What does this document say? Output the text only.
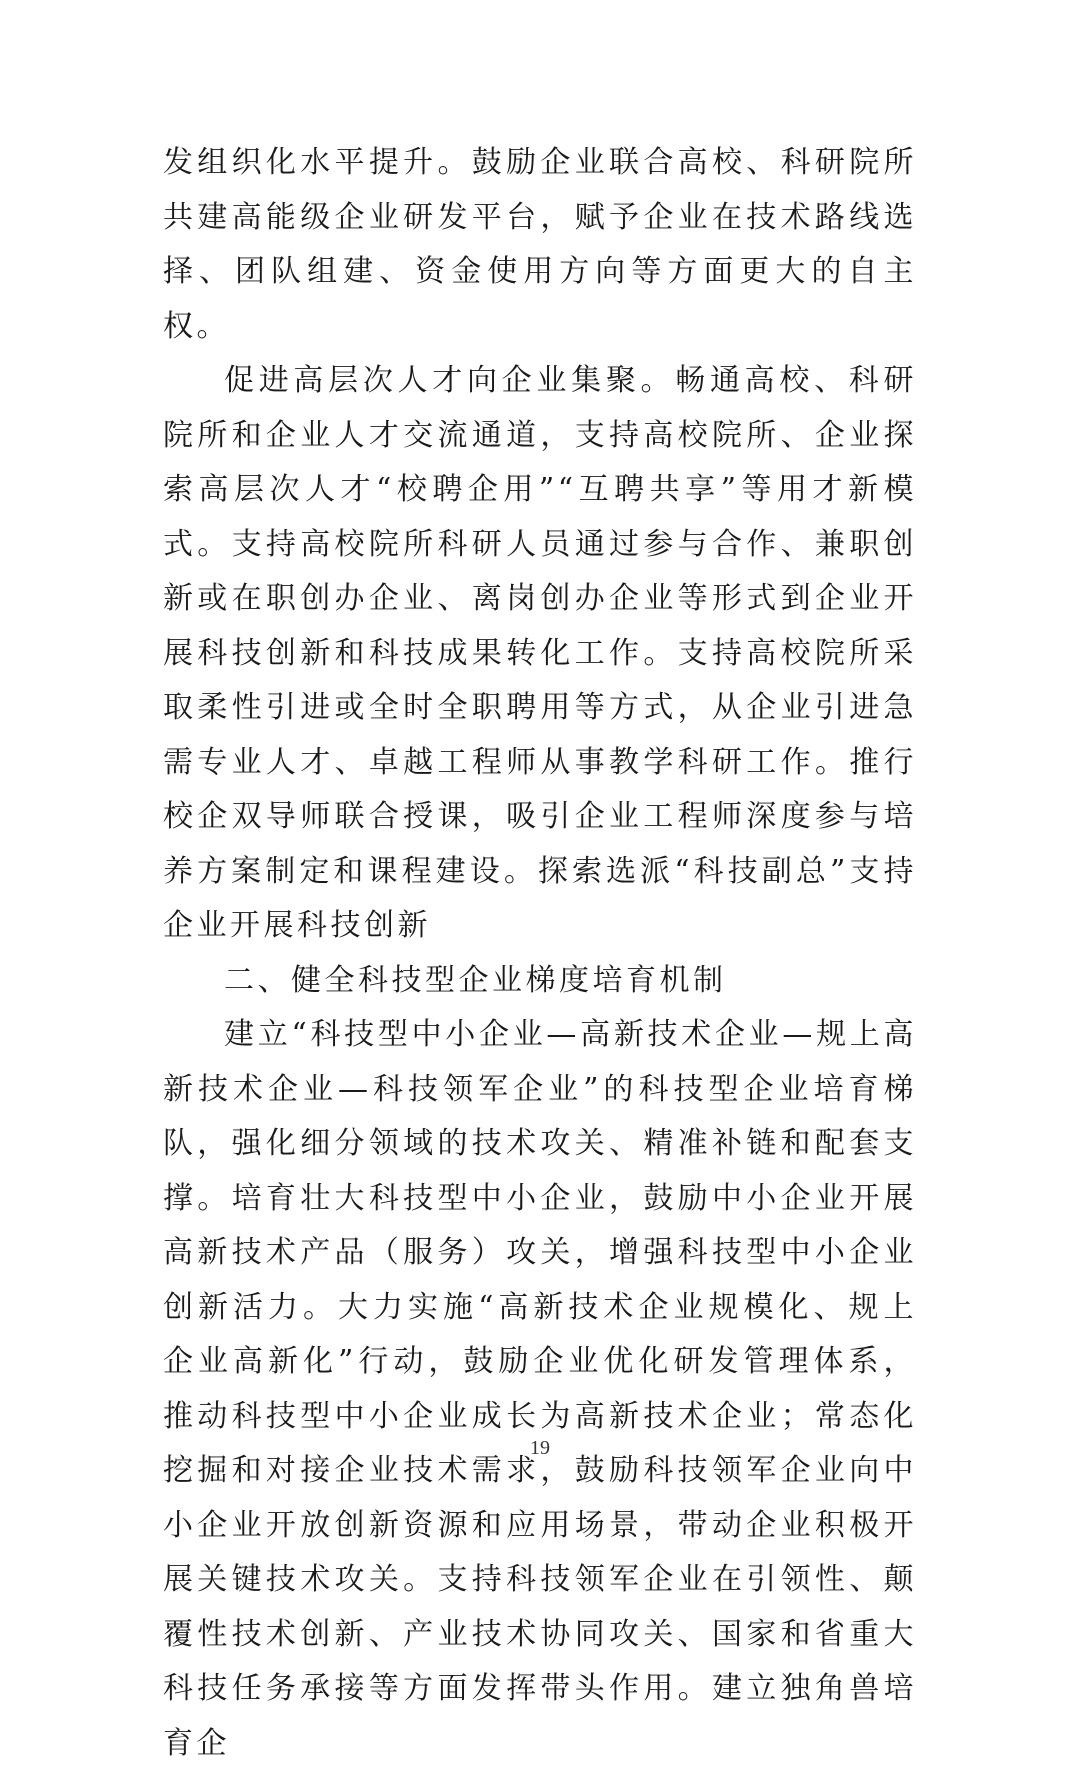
发组织化水平提升。鼓励企业联合高校、科研院所共建高能级企业研发平台，赋予企业在技术路线选择、团队组建、资金使用方向等方面更大的自主权。

促进高层次人才向企业集聚。畅通高校、科研院所和企业人才交流通道，支持高校院所、企业探索高层次人才“校聘企用”“互聘共享”等用才新模式。支持高校院所科研人员通过参与合作、兼职创新或在职创办企业、离岗创办企业等形式到企业开展科技创新和科技成果转化工作。支持高校院所采取柔性引进或全时全职聘用等方式，从企业引进急需专业人才、卓越工程师从事教学科研工作。推行校企双导师联合授课，吸引企业工程师深度参与培养方案制定和课程建设。探索选派“科技副总”支持企业开展科技创新

二、健全科技型企业梯度培育机制

建立“科技型中小企业—高新技术企业—规上高新技术企业—科技领军企业”的科技型企业培育梯队，强化细分领域的技术攻关、精准补链和配套支撑。培育壮大科技型中小企业，鼓励中小企业开展高新技术产品（服务）攻关，增强科技型中小企业创新活力。大力实施“高新技术企业规模化、规上企业高新化”行动，鼓励企业优化研发管理体系，推动科技型中小企业成长为高新技术企业；常态化挖掘和对接企业技术需求，鼓励科技领军企业向中小企业开放创新资源和应用场景，带动企业积极开展关键技术攻关。支持科技领军企业在引领性、颠覆性技术创新、产业技术协同攻关、国家和省重大科技任务承接等方面发挥带头作用。建立独角兽培育企

19
